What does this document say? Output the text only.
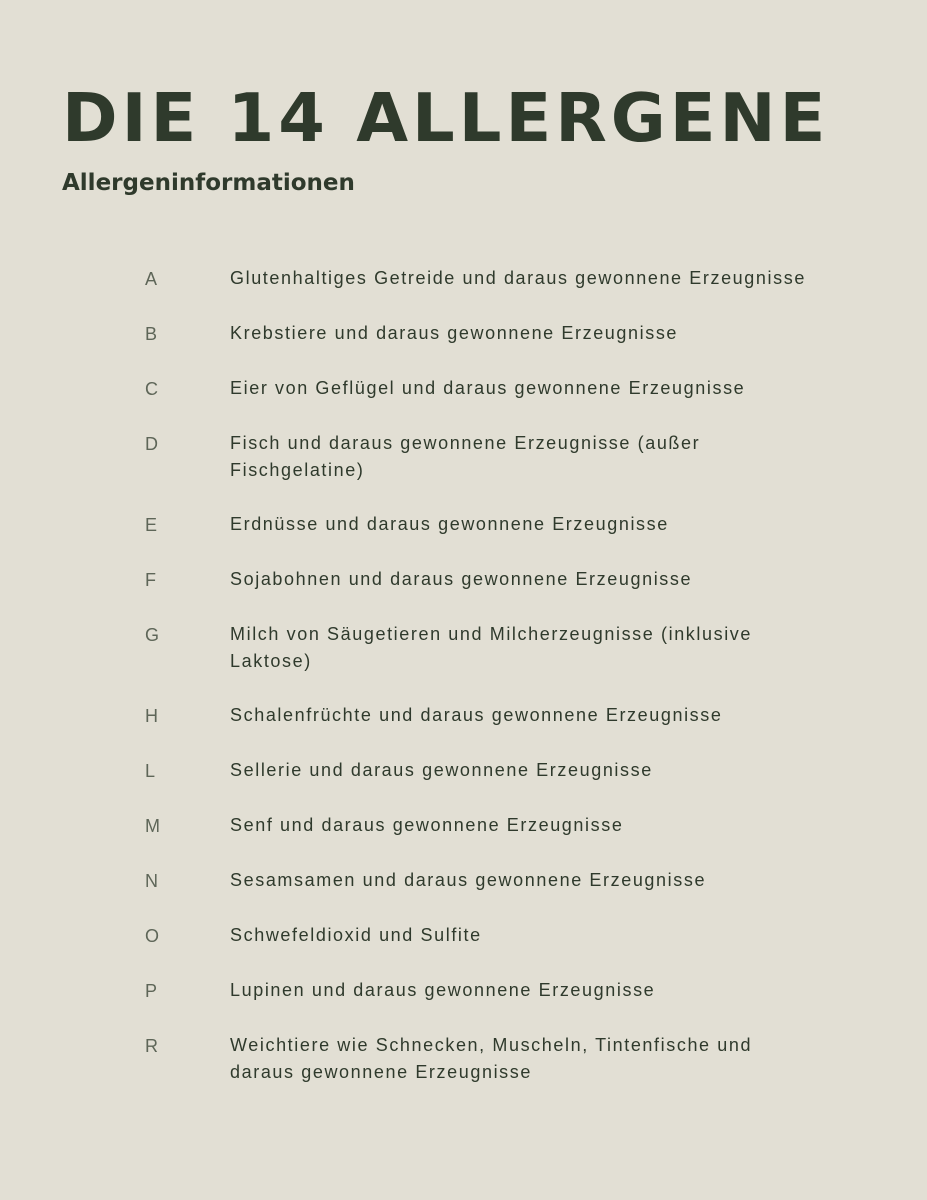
DIE 14 ALLERGENE
Allergeninformationen
A	Glutenhaltiges Getreide und daraus gewonnene Erzeugnisse
B	Krebstiere und daraus gewonnene Erzeugnisse
C	Eier von Geflügel und daraus gewonnene Erzeugnisse
D	Fisch und daraus gewonnene Erzeugnisse (außer Fischgelatine)
E	Erdnüsse und daraus gewonnene Erzeugnisse
F	Sojabohnen und daraus gewonnene Erzeugnisse
G	Milch von Säugetieren und Milcherzeugnisse (inklusive Laktose)
H	Schalenfrüchte und daraus gewonnene Erzeugnisse
L	Sellerie und daraus gewonnene Erzeugnisse
M	Senf und daraus gewonnene Erzeugnisse
N	Sesamsamen und daraus gewonnene Erzeugnisse
O	Schwefeldioxid und Sulfite
P	Lupinen und daraus gewonnene Erzeugnisse
R	Weichtiere wie Schnecken, Muscheln, Tintenfische und daraus gewonnene Erzeugnisse
